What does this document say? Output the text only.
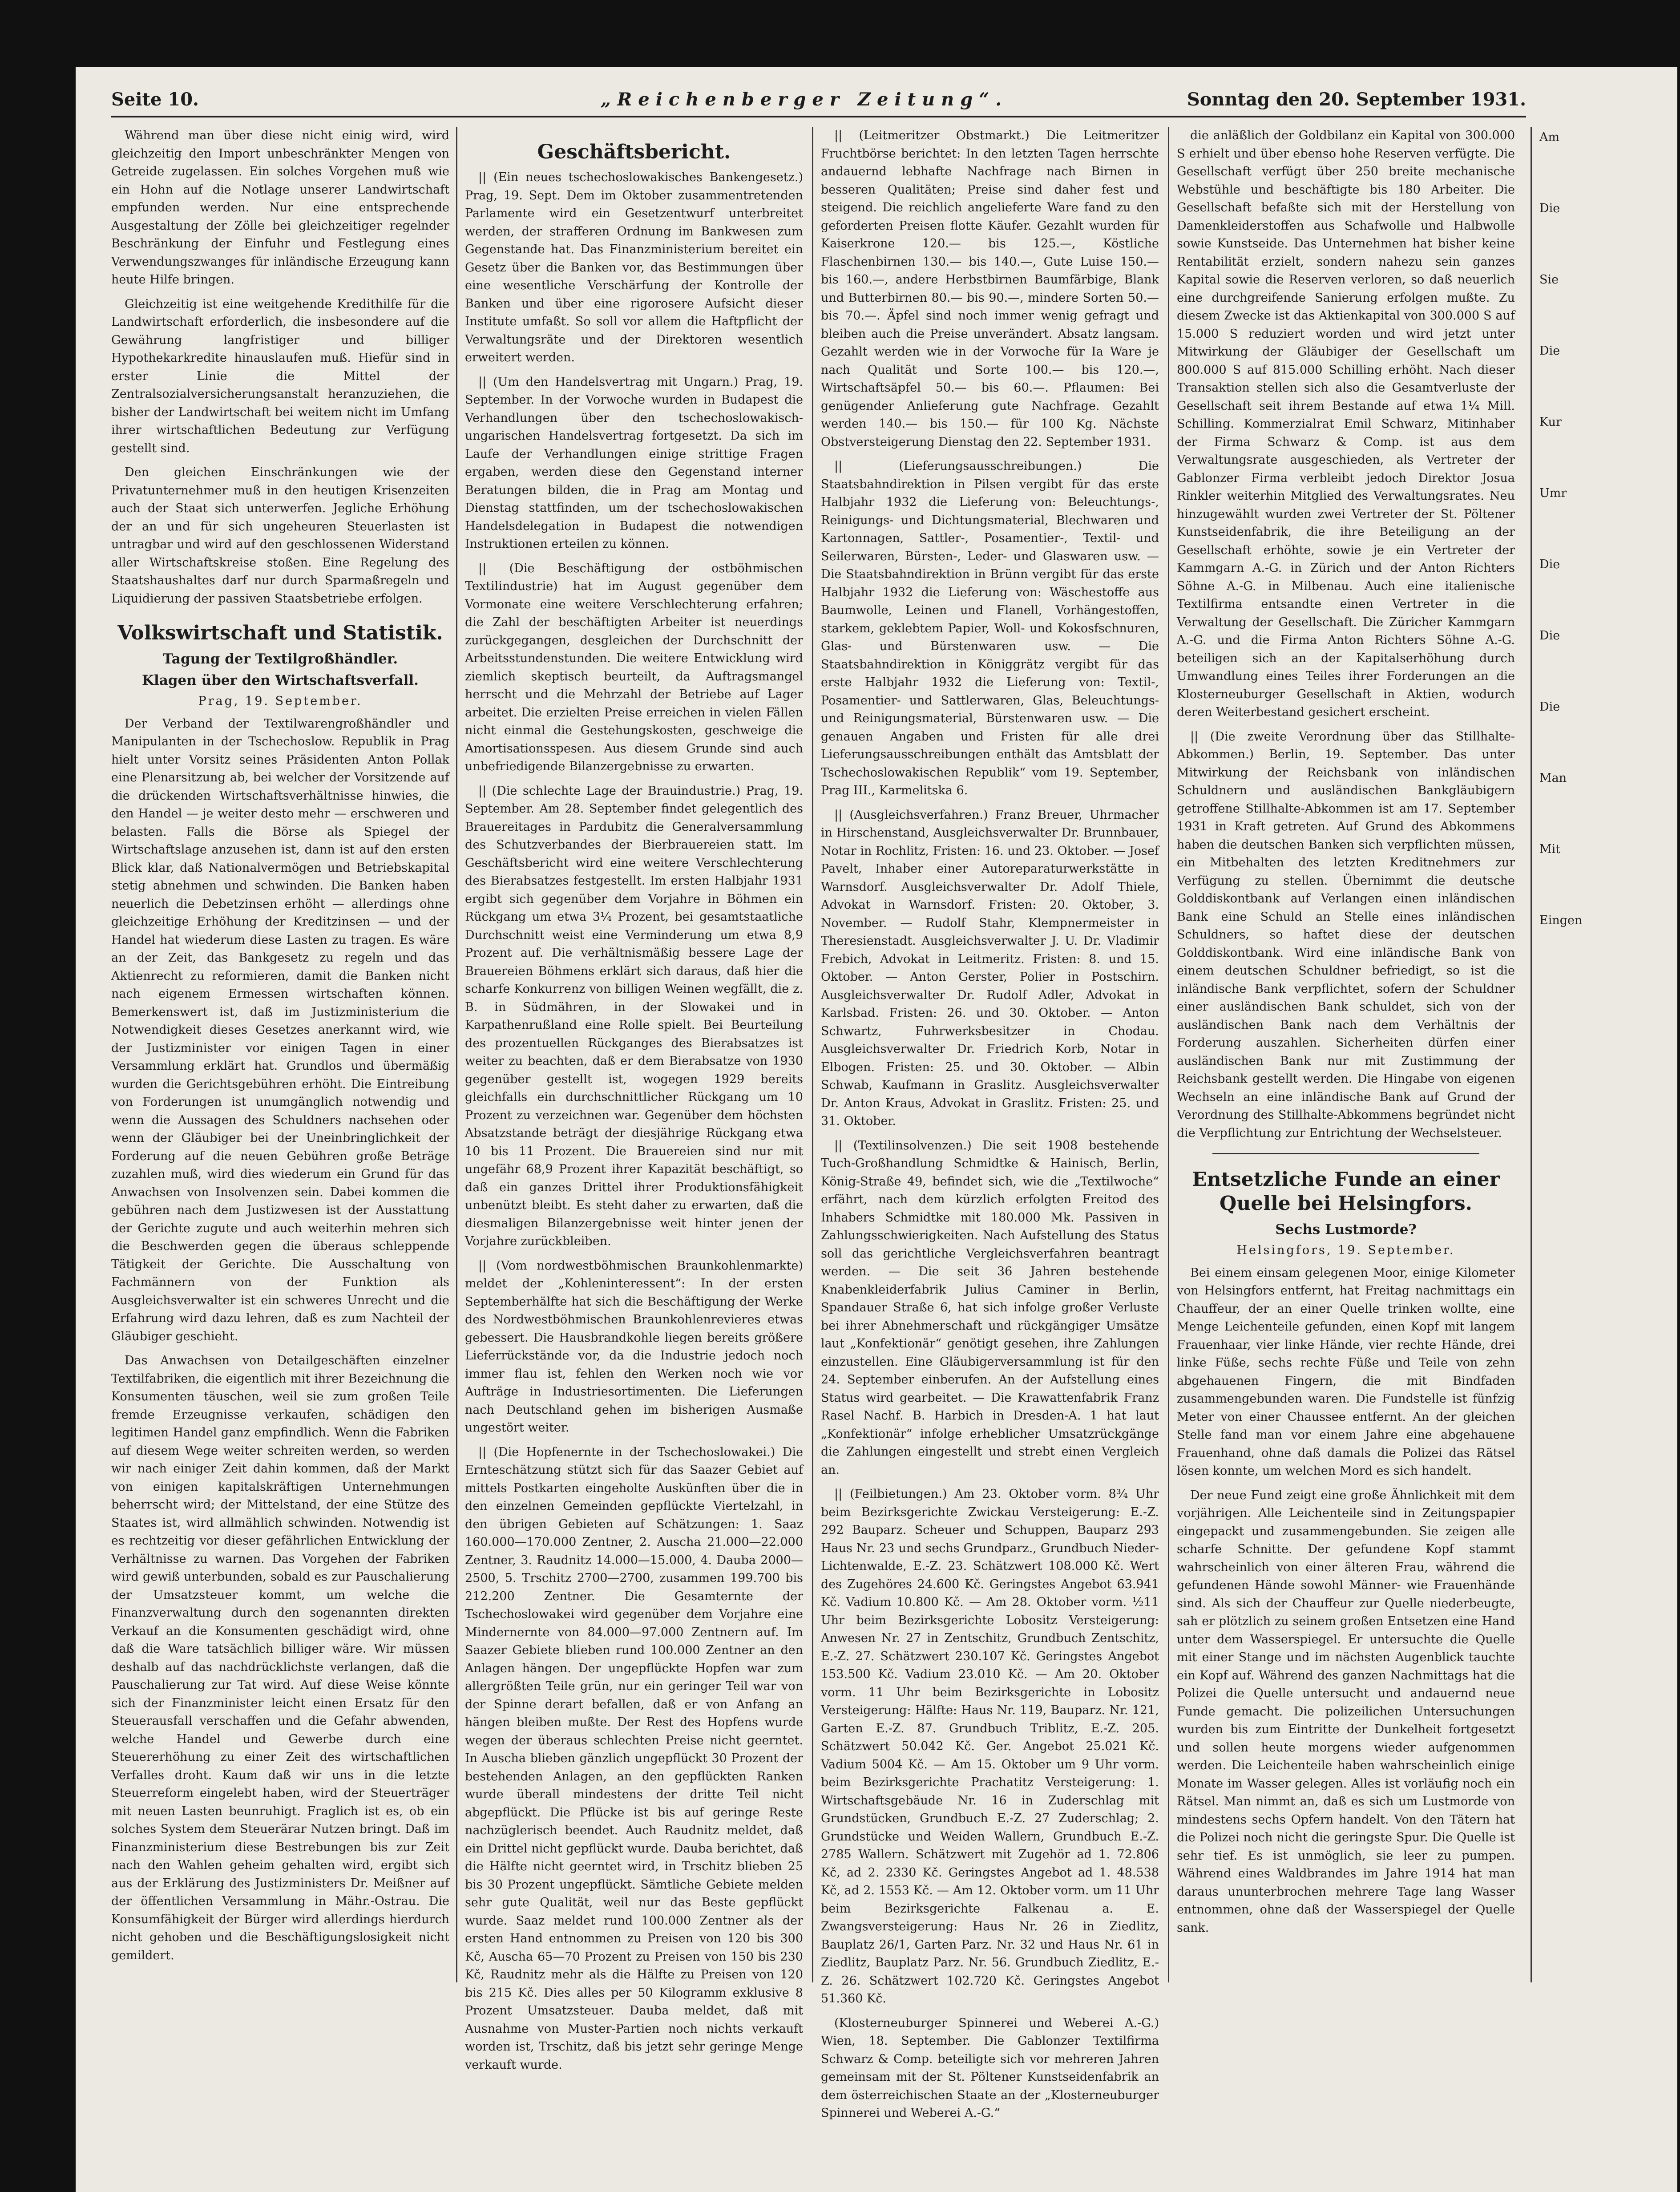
Seite 10.	„Reichenberger Zeitung“.	Sonntag den 20. September 1931.

Während man über diese nicht einig wird, wird gleichzeitig den Import unbeschränkter Mengen von Getreide zugelassen. Ein solches Vorgehen muß wie ein Hohn auf die Notlage unserer Landwirtschaft empfunden werden. Nur eine entsprechende Ausgestaltung der Zölle bei gleichzeitiger regelnder Beschränkung der Einfuhr und Festlegung eines Verwendungszwanges für inländische Erzeugung kann heute Hilfe bringen.

Gleichzeitig ist eine weitgehende Kredithilfe für die Landwirtschaft erforderlich, die insbesondere auf die Gewährung langfristiger und billiger Hypothekarkredite hinauslaufen muß. Hiefür sind in erster Linie die Mittel der Zentralsozialversicherungsanstalt heranzuziehen, die bisher der Landwirtschaft bei weitem nicht im Umfang ihrer wirtschaftlichen Bedeutung zur Verfügung gestellt sind.

Den gleichen Einschränkungen wie der Privatunternehmer muß in den heutigen Krisenzeiten auch der Staat sich unterwerfen. Jegliche Erhöhung der an und für sich ungeheuren Steuerlasten ist untragbar und wird auf den geschlossenen Widerstand aller Wirtschaftskreise stoßen. Eine Regelung des Staatshaushaltes darf nur durch Sparmaßregeln und Liquidierung der passiven Staatsbetriebe erfolgen.

Volkswirtschaft und Statistik.
Tagung der Textilgroßhändler.
Klagen über den Wirtschaftsverfall.
Prag, 19. September.

Der Verband der Textilwarengroßhändler und Manipulanten in der Tschechoslow. Republik in Prag hielt unter Vorsitz seines Präsidenten Anton Pollak eine Plenarsitzung ab, bei welcher der Vorsitzende auf die drückenden Wirtschaftsverhältnisse hinwies, die den Handel — je weiter desto mehr — erschweren und belasten. Falls die Börse als Spiegel der Wirtschaftslage anzusehen ist, dann ist auf den ersten Blick klar, daß Nationalvermögen und Betriebskapital stetig abnehmen und schwinden. Die Banken haben neuerlich die Debetzinsen erhöht — allerdings ohne gleichzeitige Erhöhung der Kreditzinsen — und der Handel hat wiederum diese Lasten zu tragen. Es wäre an der Zeit, das Bankgesetz zu regeln und das Aktienrecht zu reformieren, damit die Banken nicht nach eigenem Ermessen wirtschaften können. Bemerkenswert ist, daß im Justizministerium die Notwendigkeit dieses Gesetzes anerkannt wird, wie der Justizminister vor einigen Tagen in einer Versammlung erklärt hat. Grundlos und übermäßig wurden die Gerichtsgebühren erhöht. Die Eintreibung von Forderungen ist unumgänglich notwendig und wenn die Aussagen des Schuldners nachsehen oder wenn der Gläubiger bei der Uneinbringlichkeit der Forderung auf die neuen Gebühren große Beträge zuzahlen muß, wird dies wiederum ein Grund für das Anwachsen von Insolvenzen sein. Dabei kommen die gebühren nach dem Justizwesen ist der Ausstattung der Gerichte zugute und auch weiterhin mehren sich die Beschwerden gegen die überaus schleppende Tätigkeit der Gerichte. Die Ausschaltung von Fachmännern von der Funktion als Ausgleichsverwalter ist ein schweres Unrecht und die Erfahrung wird dazu lehren, daß es zum Nachteil der Gläubiger geschieht.

Das Anwachsen von Detailgeschäften einzelner Textilfabriken, die eigentlich mit ihrer Bezeichnung die Konsumenten täuschen, weil sie zum großen Teile fremde Erzeugnisse verkaufen, schädigen den legitimen Handel ganz empfindlich. Wenn die Fabriken auf diesem Wege weiter schreiten werden, so werden wir nach einiger Zeit dahin kommen, daß der Markt von einigen kapitalskräftigen Unternehmungen beherrscht wird; der Mittelstand, der eine Stütze des Staates ist, wird allmählich schwinden. Notwendig ist es rechtzeitig vor dieser gefährlichen Entwicklung der Verhältnisse zu warnen. Das Vorgehen der Fabriken wird gewiß unterbunden, sobald es zur Pauschalierung der Umsatzsteuer kommt, um welche die Finanzverwaltung durch den sogenannten direkten Verkauf an die Konsumenten geschädigt wird, ohne daß die Ware tatsächlich billiger wäre. Wir müssen deshalb auf das nachdrücklichste verlangen, daß die Pauschalierung zur Tat wird. Auf diese Weise könnte sich der Finanzminister leicht einen Ersatz für den Steuerausfall verschaffen und die Gefahr abwenden, welche Handel und Gewerbe durch eine Steuererhöhung zu einer Zeit des wirtschaftlichen Verfalles droht. Kaum daß wir uns in die letzte Steuerreform eingelebt haben, wird der Steuerträger mit neuen Lasten beunruhigt. Fraglich ist es, ob ein solches System dem Steuerärar Nutzen bringt. Daß im Finanzministerium diese Bestrebungen bis zur Zeit nach den Wahlen geheim gehalten wird, ergibt sich aus der Erklärung des Justizministers Dr. Meißner auf der öffentlichen Versammlung in Mähr.-Ostrau. Die Konsumfähigkeit der Bürger wird allerdings hierdurch nicht gehoben und die Beschäftigungslosigkeit nicht gemildert.

Geschäftsbericht.

|| (Ein neues tschechoslowakisches Bankengesetz.) Prag, 19. Sept. Dem im Oktober zusammentretenden Parlamente wird ein Gesetzentwurf unterbreitet werden, der strafferen Ordnung im Bankwesen zum Gegenstande hat. Das Finanzministerium bereitet ein Gesetz über die Banken vor, das Bestimmungen über eine wesentliche Verschärfung der Kontrolle der Banken und über eine rigorosere Aufsicht dieser Institute umfaßt. So soll vor allem die Haftpflicht der Verwaltungsräte und der Direktoren wesentlich erweitert werden.

|| (Um den Handelsvertrag mit Ungarn.) Prag, 19. September. In der Vorwoche wurden in Budapest die Verhandlungen über den tschechoslowakisch-ungarischen Handelsvertrag fortgesetzt. Da sich im Laufe der Verhandlungen einige strittige Fragen ergaben, werden diese den Gegenstand interner Beratungen bilden, die in Prag am Montag und Dienstag stattfinden, um der tschechoslowakischen Handelsdelegation in Budapest die notwendigen Instruktionen erteilen zu können.

|| (Die Beschäftigung der ostböhmischen Textilindustrie) hat im August gegenüber dem Vormonate eine weitere Verschlechterung erfahren; die Zahl der beschäftigten Arbeiter ist neuerdings zurückgegangen, desgleichen der Durchschnitt der Arbeitsstundenstunden. Die weitere Entwicklung wird ziemlich skeptisch beurteilt, da Auftragsmangel herrscht und die Mehrzahl der Betriebe auf Lager arbeitet. Die erzielten Preise erreichen in vielen Fällen nicht einmal die Gestehungskosten, geschweige die Amortisationsspesen. Aus diesem Grunde sind auch unbefriedigende Bilanzergebnisse zu erwarten.

|| (Die schlechte Lage der Brauindustrie.) Prag, 19. September. Am 28. September findet gelegentlich des Brauereitages in Pardubitz die Generalversammlung des Schutzverbandes der Bierbrauereien statt. Im Geschäftsbericht wird eine weitere Verschlechterung des Bierabsatzes festgestellt. Im ersten Halbjahr 1931 ergibt sich gegenüber dem Vorjahre in Böhmen ein Rückgang um etwa 3¼ Prozent, bei gesamtstaatliche Durchschnitt weist eine Verminderung um etwa 8,9 Prozent auf. Die verhältnismäßig bessere Lage der Brauereien Böhmens erklärt sich daraus, daß hier die scharfe Konkurrenz von billigen Weinen wegfällt, die z. B. in Südmähren, in der Slowakei und in Karpathenrußland eine Rolle spielt. Bei Beurteilung des prozentuellen Rückganges des Bierabsatzes ist weiter zu beachten, daß er dem Bierabsatze von 1930 gegenüber gestellt ist, wogegen 1929 bereits gleichfalls ein durchschnittlicher Rückgang um 10 Prozent zu verzeichnen war. Gegenüber dem höchsten Absatzstande beträgt der diesjährige Rückgang etwa 10 bis 11 Prozent. Die Brauereien sind nur mit ungefähr 68,9 Prozent ihrer Kapazität beschäftigt, so daß ein ganzes Drittel ihrer Produktionsfähigkeit unbenützt bleibt. Es steht daher zu erwarten, daß die diesmaligen Bilanzergebnisse weit hinter jenen der Vorjahre zurückbleiben.

|| (Vom nordwestböhmischen Braunkohlenmarkte) meldet der „Kohleninteressent“: In der ersten Septemberhälfte hat sich die Beschäftigung der Werke des Nordwestböhmischen Braunkohlenrevieres etwas gebessert. Die Hausbrandkohle liegen bereits größere Lieferrückstände vor, da die Industrie jedoch noch immer flau ist, fehlen den Werken noch wie vor Aufträge in Industriesortimenten. Die Lieferungen nach Deutschland gehen im bisherigen Ausmaße ungestört weiter.

|| (Die Hopfenernte in der Tschechoslowakei.) Die Ernteschätzung stützt sich für das Saazer Gebiet auf mittels Postkarten eingeholte Auskünften über die in den einzelnen Gemeinden gepflückte Viertelzahl, in den übrigen Gebieten auf Schätzungen: 1. Saaz 160.000—170.000 Zentner, 2. Auscha 21.000—22.000 Zentner, 3. Raudnitz 14.000—15.000, 4. Dauba 2000—2500, 5. Trschitz 2700—2700, zusammen 199.700 bis 212.200 Zentner. Die Gesamternte der Tschechoslowakei wird gegenüber dem Vorjahre eine Mindernernte von 84.000—97.000 Zentnern auf. Im Saazer Gebiete blieben rund 100.000 Zentner an den Anlagen hängen. Der ungepflückte Hopfen war zum allergrößten Teile grün, nur ein geringer Teil war von der Spinne derart befallen, daß er von Anfang an hängen bleiben mußte. Der Rest des Hopfens wurde wegen der überaus schlechten Preise nicht geerntet. In Auscha blieben gänzlich ungepflückt 30 Prozent der bestehenden Anlagen, an den gepflückten Ranken wurde überall mindestens der dritte Teil nicht abgepflückt. Die Pflücke ist bis auf geringe Reste nachzüglerisch beendet. Auch Raudnitz meldet, daß ein Drittel nicht gepflückt wurde. Dauba berichtet, daß die Hälfte nicht geerntet wird, in Trschitz blieben 25 bis 30 Prozent ungepflückt. Sämtliche Gebiete melden sehr gute Qualität, weil nur das Beste gepflückt wurde. Saaz meldet rund 100.000 Zentner als der ersten Hand entnommen zu Preisen von 120 bis 300 Kč, Auscha 65—70 Prozent zu Preisen von 150 bis 230 Kč, Raudnitz mehr als die Hälfte zu Preisen von 120 bis 215 Kč. Dies alles per 50 Kilogramm exklusive 8 Prozent Umsatzsteuer. Dauba meldet, daß mit Ausnahme von Muster-Partien noch nichts verkauft worden ist, Trschitz, daß bis jetzt sehr geringe Menge verkauft wurde.

|| (Leitmeritzer Obstmarkt.) Die Leitmeritzer Fruchtbörse berichtet: In den letzten Tagen herrschte andauernd lebhafte Nachfrage nach Birnen in besseren Qualitäten; Preise sind daher fest und steigend. Die reichlich angelieferte Ware fand zu den geforderten Preisen flotte Käufer. Gezahlt wurden für Kaiserkrone 120.— bis 125.—, Köstliche Flaschenbirnen 130.— bis 140.—, Gute Luise 150.— bis 160.—, andere Herbstbirnen Baumfärbige, Blank und Butterbirnen 80.— bis 90.—, mindere Sorten 50.— bis 70.—. Äpfel sind noch immer wenig gefragt und bleiben auch die Preise unverändert. Absatz langsam. Gezahlt werden wie in der Vorwoche für Ia Ware je nach Qualität und Sorte 100.— bis 120.—, Wirtschaftsäpfel 50.— bis 60.—. Pflaumen: Bei genügender Anlieferung gute Nachfrage. Gezahlt werden 140.— bis 150.— für 100 Kg. Nächste Obstversteigerung Dienstag den 22. September 1931.

|| (Lieferungsausschreibungen.) Die Staatsbahndirektion in Pilsen vergibt für das erste Halbjahr 1932 die Lieferung von: Beleuchtungs-, Reinigungs- und Dichtungsmaterial, Blechwaren und Kartonnagen, Sattler-, Posamentier-, Textil- und Seilerwaren, Bürsten-, Leder- und Glaswaren usw. — Die Staatsbahndirektion in Brünn vergibt für das erste Halbjahr 1932 die Lieferung von: Wäschestoffe aus Baumwolle, Leinen und Flanell, Vorhängestoffen, starkem, geklebtem Papier, Woll- und Kokosfschnuren, Glas- und Bürstenwaren usw. — Die Staatsbahndirektion in Königgrätz vergibt für das erste Halbjahr 1932 die Lieferung von: Textil-, Posamentier- und Sattlerwaren, Glas, Beleuchtungs- und Reinigungsmaterial, Bürstenwaren usw. — Die genauen Angaben und Fristen für alle drei Lieferungsausschreibungen enthält das Amtsblatt der Tschechoslowakischen Republik“ vom 19. September, Prag III., Karmelitska 6.

|| (Ausgleichsverfahren.) Franz Breuer, Uhrmacher in Hirschenstand, Ausgleichsverwalter Dr. Brunnbauer, Notar in Rochlitz, Fristen: 16. und 23. Oktober. — Josef Pavelt, Inhaber einer Autoreparaturwerkstätte in Warnsdorf. Ausgleichsverwalter Dr. Adolf Thiele, Advokat in Warnsdorf. Fristen: 20. Oktober, 3. November. — Rudolf Stahr, Klempnermeister in Theresienstadt. Ausgleichsverwalter J. U. Dr. Vladimir Frebich, Advokat in Leitmeritz. Fristen: 8. und 15. Oktober. — Anton Gerster, Polier in Postschirn. Ausgleichsverwalter Dr. Rudolf Adler, Advokat in Karlsbad. Fristen: 26. und 30. Oktober. — Anton Schwartz, Fuhrwerksbesitzer in Chodau. Ausgleichsverwalter Dr. Friedrich Korb, Notar in Elbogen. Fristen: 25. und 30. Oktober. — Albin Schwab, Kaufmann in Graslitz. Ausgleichsverwalter Dr. Anton Kraus, Advokat in Graslitz. Fristen: 25. und 31. Oktober.

|| (Textilinsolvenzen.) Die seit 1908 bestehende Tuch-Großhandlung Schmidtke & Hainisch, Berlin, König-Straße 49, befindet sich, wie die „Textilwoche“ erfährt, nach dem kürzlich erfolgten Freitod des Inhabers Schmidtke mit 180.000 Mk. Passiven in Zahlungsschwierigkeiten. Nach Aufstellung des Status soll das gerichtliche Vergleichsverfahren beantragt werden. — Die seit 36 Jahren bestehende Knabenkleiderfabrik Julius Caminer in Berlin, Spandauer Straße 6, hat sich infolge großer Verluste bei ihrer Abnehmerschaft und rückgängiger Umsätze laut „Konfektionär“ genötigt gesehen, ihre Zahlungen einzustellen. Eine Gläubigerversammlung ist für den 24. September einberufen. An der Aufstellung eines Status wird gearbeitet. — Die Krawattenfabrik Franz Rasel Nachf. B. Harbich in Dresden-A. 1 hat laut „Konfektionär“ infolge erheblicher Umsatzrückgänge die Zahlungen eingestellt und strebt einen Vergleich an.

|| (Feilbietungen.) Am 23. Oktober vorm. 8¾ Uhr beim Bezirksgerichte Zwickau Versteigerung: E.-Z. 292 Bauparz. Scheuer und Schuppen, Bauparz 293 Haus Nr. 23 und sechs Grundparz., Grundbuch Nieder-Lichtenwalde, E.-Z. 23. Schätzwert 108.000 Kč. Wert des Zugehöres 24.600 Kč. Geringstes Angebot 63.941 Kč. Vadium 10.800 Kč. — Am 28. Oktober vorm. ½11 Uhr beim Bezirksgerichte Lobositz Versteigerung: Anwesen Nr. 27 in Zentschitz, Grundbuch Zentschitz, E.-Z. 27. Schätzwert 230.107 Kč. Geringstes Angebot 153.500 Kč. Vadium 23.010 Kč. — Am 20. Oktober vorm. 11 Uhr beim Bezirksgerichte in Lobositz Versteigerung: Hälfte: Haus Nr. 119, Bauparz. Nr. 121, Garten E.-Z. 87. Grundbuch Triblitz, E.-Z. 205. Schätzwert 50.042 Kč. Ger. Angebot 25.021 Kč. Vadium 5004 Kč. — Am 15. Oktober um 9 Uhr vorm. beim Bezirksgerichte Prachatitz Versteigerung: 1. Wirtschaftsgebäude Nr. 16 in Zuderschlag mit Grundstücken, Grundbuch E.-Z. 27 Zuderschlag; 2. Grundstücke und Weiden Wallern, Grundbuch E.-Z. 2785 Wallern. Schätzwert mit Zugehör ad 1. 72.806 Kč, ad 2. 2330 Kč. Geringstes Angebot ad 1. 48.538 Kč, ad 2. 1553 Kč. — Am 12. Oktober vorm. um 11 Uhr beim Bezirksgerichte Falkenau a. E. Zwangsversteigerung: Haus Nr. 26 in Ziedlitz, Bauplatz 26/1, Garten Parz. Nr. 32 und Haus Nr. 61 in Ziedlitz, Bauplatz Parz. Nr. 56. Grundbuch Ziedlitz, E.-Z. 26. Schätzwert 102.720 Kč. Geringstes Angebot 51.360 Kč.

(Klosterneuburger Spinnerei und Weberei A.-G.) Wien, 18. September. Die Gablonzer Textilfirma Schwarz & Comp. beteiligte sich vor mehreren Jahren gemeinsam mit der St. Pöltener Kunstseidenfabrik an dem österreichischen Staate an der „Klosterneuburger Spinnerei und Weberei A.-G.“

die anläßlich der Goldbilanz ein Kapital von 300.000 S erhielt und über ebenso hohe Reserven verfügte. Die Gesellschaft verfügt über 250 breite mechanische Webstühle und beschäftigte bis 180 Arbeiter. Die Gesellschaft befaßte sich mit der Herstellung von Damenkleiderstoffen aus Schafwolle und Halbwolle sowie Kunstseide. Das Unternehmen hat bisher keine Rentabilität erzielt, sondern nahezu sein ganzes Kapital sowie die Reserven verloren, so daß neuerlich eine durchgreifende Sanierung erfolgen mußte. Zu diesem Zwecke ist das Aktienkapital von 300.000 S auf 15.000 S reduziert worden und wird jetzt unter Mitwirkung der Gläubiger der Gesellschaft um 800.000 S auf 815.000 Schilling erhöht. Nach dieser Transaktion stellen sich also die Gesamtverluste der Gesellschaft seit ihrem Bestande auf etwa 1¼ Mill. Schilling. Kommerzialrat Emil Schwarz, Mitinhaber der Firma Schwarz & Comp. ist aus dem Verwaltungsrate ausgeschieden, als Vertreter der Gablonzer Firma verbleibt jedoch Direktor Josua Rinkler weiterhin Mitglied des Verwaltungsrates. Neu hinzugewählt wurden zwei Vertreter der St. Pöltener Kunstseidenfabrik, die ihre Beteiligung an der Gesellschaft erhöhte, sowie je ein Vertreter der Kammgarn A.-G. in Zürich und der Anton Richters Söhne A.-G. in Milbenau. Auch eine italienische Textilfirma entsandte einen Vertreter in die Verwaltung der Gesellschaft. Die Züricher Kammgarn A.-G. und die Firma Anton Richters Söhne A.-G. beteiligen sich an der Kapitalserhöhung durch Umwandlung eines Teiles ihrer Forderungen an die Klosterneuburger Gesellschaft in Aktien, wodurch deren Weiterbestand gesichert erscheint.

|| (Die zweite Verordnung über das Stillhalte-Abkommen.) Berlin, 19. September. Das unter Mitwirkung der Reichsbank von inländischen Schuldnern und ausländischen Bankgläubigern getroffene Stillhalte-Abkommen ist am 17. September 1931 in Kraft getreten. Auf Grund des Abkommens haben die deutschen Banken sich verpflichten müssen, ein Mitbehalten des letzten Kreditnehmers zur Verfügung zu stellen. Übernimmt die deutsche Golddiskontbank auf Verlangen einen inländischen Bank eine Schuld an Stelle eines inländischen Schuldners, so haftet diese der deutschen Golddiskontbank. Wird eine inländische Bank von einem deutschen Schuldner befriedigt, so ist die inländische Bank verpflichtet, sofern der Schuldner einer ausländischen Bank schuldet, sich von der ausländischen Bank nach dem Verhältnis der Forderung auszahlen. Sicherheiten dürfen einer ausländischen Bank nur mit Zustimmung der Reichsbank gestellt werden. Die Hingabe von eigenen Wechseln an eine inländische Bank auf Grund der Verordnung des Stillhalte-Abkommens begründet nicht die Verpflichtung zur Entrichtung der Wechselsteuer.

Entsetzliche Funde an einer Quelle bei Helsingfors.
Sechs Lustmorde?
Helsingfors, 19. September.

Bei einem einsam gelegenen Moor, einige Kilometer von Helsingfors entfernt, hat Freitag nachmittags ein Chauffeur, der an einer Quelle trinken wollte, eine Menge Leichenteile gefunden, einen Kopf mit langem Frauenhaar, vier linke Hände, vier rechte Hände, drei linke Füße, sechs rechte Füße und Teile von zehn abgehauenen Fingern, die mit Bindfaden zusammengebunden waren. Die Fundstelle ist fünfzig Meter von einer Chaussee entfernt. An der gleichen Stelle fand man vor einem Jahre eine abgehauene Frauenhand, ohne daß damals die Polizei das Rätsel lösen konnte, um welchen Mord es sich handelt.

Der neue Fund zeigt eine große Ähnlichkeit mit dem vorjährigen. Alle Leichenteile sind in Zeitungspapier eingepackt und zusammengebunden. Sie zeigen alle scharfe Schnitte. Der gefundene Kopf stammt wahrscheinlich von einer älteren Frau, während die gefundenen Hände sowohl Männer- wie Frauenhände sind. Als sich der Chauffeur zur Quelle niederbeugte, sah er plötzlich zu seinem großen Entsetzen eine Hand unter dem Wasserspiegel. Er untersuchte die Quelle mit einer Stange und im nächsten Augenblick tauchte ein Kopf auf. Während des ganzen Nachmittags hat die Polizei die Quelle untersucht und andauernd neue Funde gemacht. Die polizeilichen Untersuchungen wurden bis zum Eintritte der Dunkelheit fortgesetzt und sollen heute morgens wieder aufgenommen werden. Die Leichenteile haben wahrscheinlich einige Monate im Wasser gelegen. Alles ist vorläufig noch ein Rätsel. Man nimmt an, daß es sich um Lustmorde von mindestens sechs Opfern handelt. Von den Tätern hat die Polizei noch nicht die geringste Spur. Die Quelle ist sehr tief. Es ist unmöglich, sie leer zu pumpen. Während eines Waldbrandes im Jahre 1914 hat man daraus ununterbrochen mehrere Tage lang Wasser entnommen, ohne daß der Wasserspiegel der Quelle sank.

Am
Die
Sie
Die
Kur
Umr
Die
Die
Die
Man
Mit
Eingen
